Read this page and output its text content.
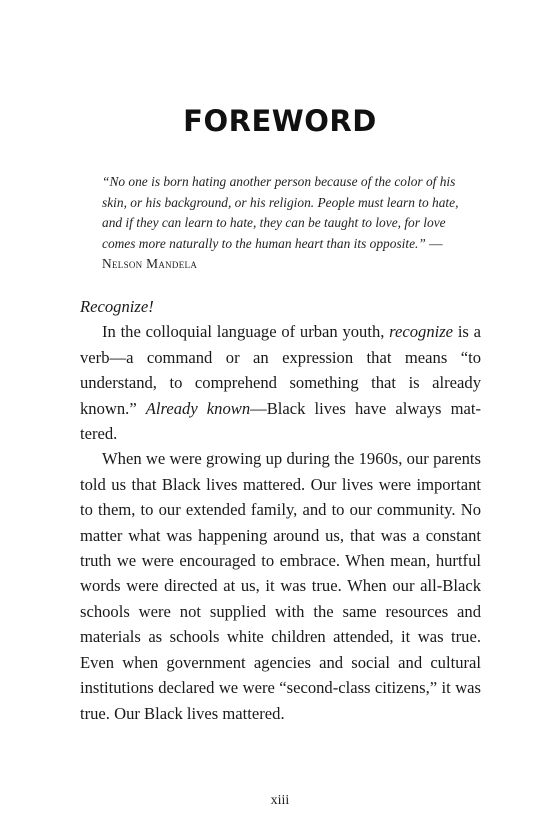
FOREWORD

“No one is born hating another person because of the color of his skin, or his background, or his religion. People must learn to hate, and if they can learn to hate, they can be taught to love, for love comes more naturally to the human heart than its opposite.” —Nelson Mandela

Recognize!

In the colloquial language of urban youth, recognize is a verb—a command or an expression that means “to understand, to comprehend something that is already known.” Already known—Black lives have always mattered.

When we were growing up during the 1960s, our parents told us that Black lives mattered. Our lives were important to them, to our extended family, and to our community. No matter what was happening around us, that was a constant truth we were encouraged to embrace. When mean, hurtful words were directed at us, it was true. When our all-Black schools were not supplied with the same resources and materials as schools white children attended, it was true. Even when government agencies and social and cultural institutions declared we were “second-class citizens,” it was true. Our Black lives mattered.

xiii
